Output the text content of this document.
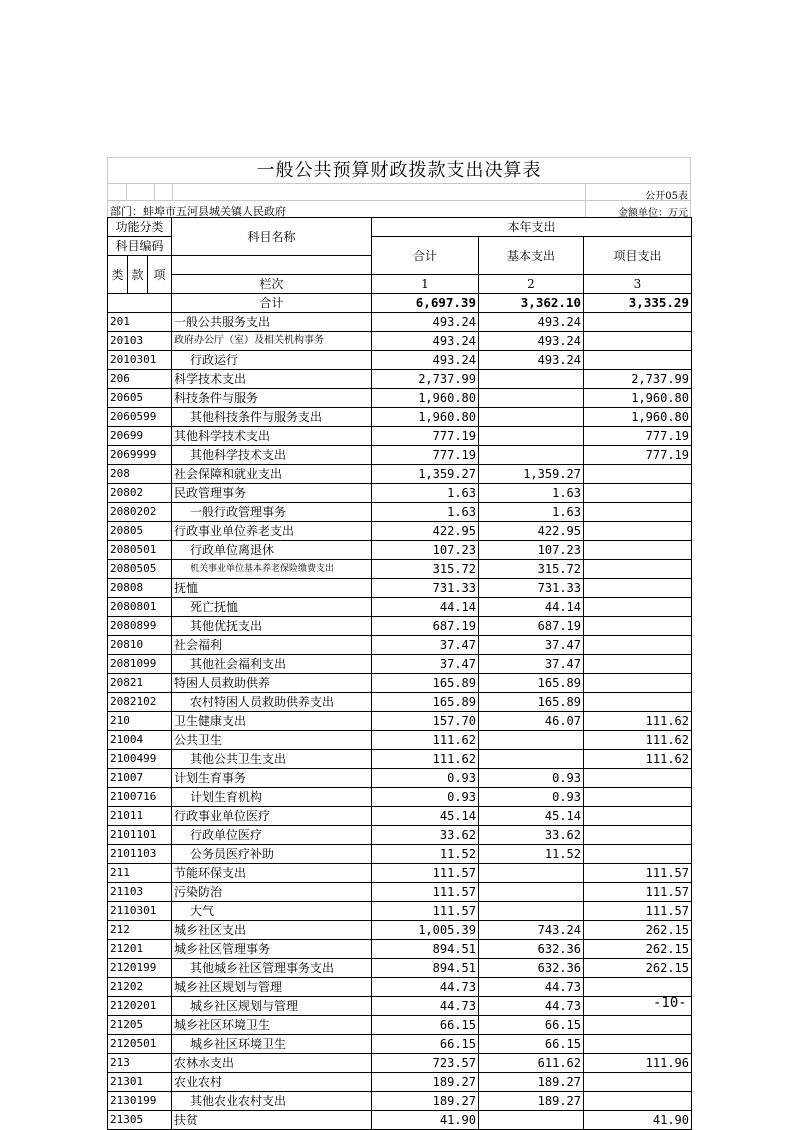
一般公共预算财政拨款支出决算表
公开05表
部门：蚌埠市五河县城关镇人民政府	金额单位：万元
功能分类			科目名称	本年支出		
科目编码				合计	基本支出	项目支出
类	款	项				
			栏次	1	2	3
			合计	6,697.39	3,362.10	3,335.29
201			一般公共服务支出	493.24	493.24	
20103			政府办公厅（室）及相关机构事务	493.24	493.24	
2010301			行政运行	493.24	493.24	
206			科学技术支出	2,737.99		2,737.99
20605			科技条件与服务	1,960.80		1,960.80
2060599			其他科技条件与服务支出	1,960.80		1,960.80
20699			其他科学技术支出	777.19		777.19
2069999			其他科学技术支出	777.19		777.19
208			社会保障和就业支出	1,359.27	1,359.27	
20802			民政管理事务	1.63	1.63	
2080202			一般行政管理事务	1.63	1.63	
20805			行政事业单位养老支出	422.95	422.95	
2080501			行政单位离退休	107.23	107.23	
2080505			机关事业单位基本养老保险缴费支出	315.72	315.72	
20808			抚恤	731.33	731.33	
2080801			死亡抚恤	44.14	44.14	
2080899			其他优抚支出	687.19	687.19	
20810			社会福利	37.47	37.47	
2081099			其他社会福利支出	37.47	37.47	
20821			特困人员救助供养	165.89	165.89	
2082102			农村特困人员救助供养支出	165.89	165.89	
210			卫生健康支出	157.70	46.07	111.62
21004			公共卫生	111.62		111.62
2100499			其他公共卫生支出	111.62		111.62
21007			计划生育事务	0.93	0.93	
2100716			计划生育机构	0.93	0.93	
21011			行政事业单位医疗	45.14	45.14	
2101101			行政单位医疗	33.62	33.62	
2101103			公务员医疗补助	11.52	11.52	
211			节能环保支出	111.57		111.57
21103			污染防治	111.57		111.57
2110301			大气	111.57		111.57
212			城乡社区支出	1,005.39	743.24	262.15
21201			城乡社区管理事务	894.51	632.36	262.15
2120199			其他城乡社区管理事务支出	894.51	632.36	262.15
21202			城乡社区规划与管理	44.73	44.73	
2120201			城乡社区规划与管理	44.73	44.73	
21205			城乡社区环境卫生	66.15	66.15	
2120501			城乡社区环境卫生	66.15	66.15	
213			农林水支出	723.57	611.62	111.96
21301			农业农村	189.27	189.27	
2130199			其他农业农村支出	189.27	189.27	
21305			扶贫	41.90		41.90
-10-
